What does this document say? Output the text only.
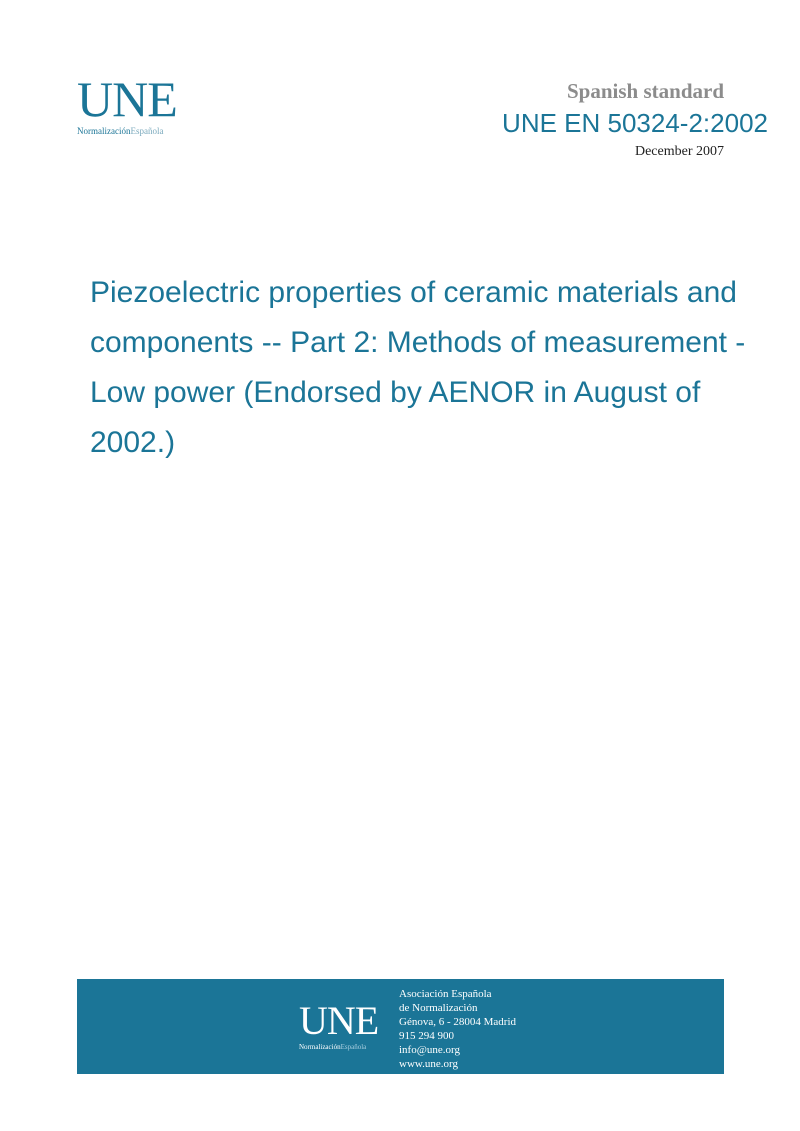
UNE
NormalizaciónEspañola
Spanish standard
UNE EN 50324-2:2002
December 2007
Piezoelectric properties of ceramic materials and components -- Part 2: Methods of measurement - Low power (Endorsed by AENOR in August of 2002.)
UNE
NormalizaciónEspañola
Asociación Española
de Normalización
Génova, 6 - 28004 Madrid
915 294 900
info@une.org
www.une.org
